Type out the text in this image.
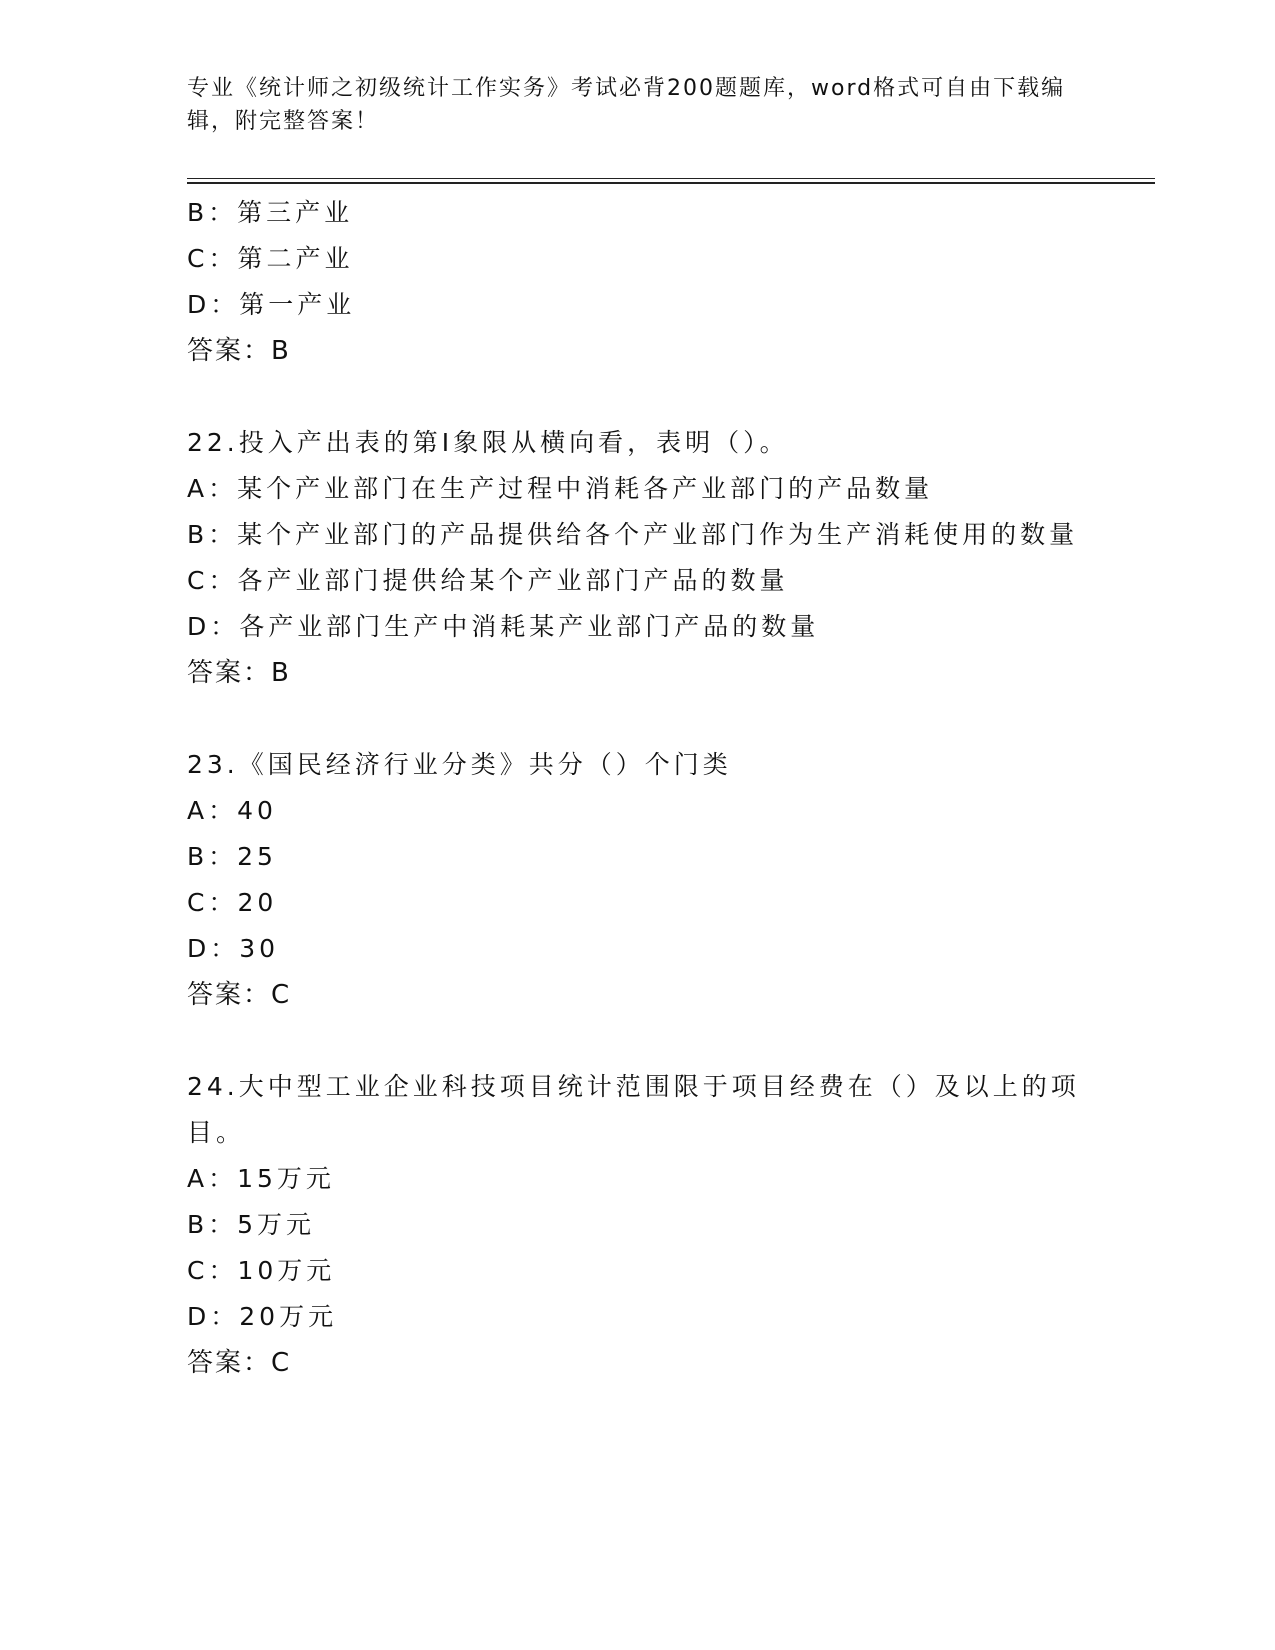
专业《统计师之初级统计工作实务》考试必背200题题库，word格式可自由下载编辑，附完整答案！
B：第三产业
C：第二产业
D：第一产业
答案：B
22.投入产出表的第Ⅰ象限从横向看，表明（）。
A：某个产业部门在生产过程中消耗各产业部门的产品数量
B：某个产业部门的产品提供给各个产业部门作为生产消耗使用的数量
C：各产业部门提供给某个产业部门产品的数量
D：各产业部门生产中消耗某产业部门产品的数量
答案：B
23.《国民经济行业分类》共分（）个门类
A：40
B：25
C：20
D：30
答案：C
24.大中型工业企业科技项目统计范围限于项目经费在（）及以上的项目。
A：15万元
B：5万元
C：10万元
D：20万元
答案：C
